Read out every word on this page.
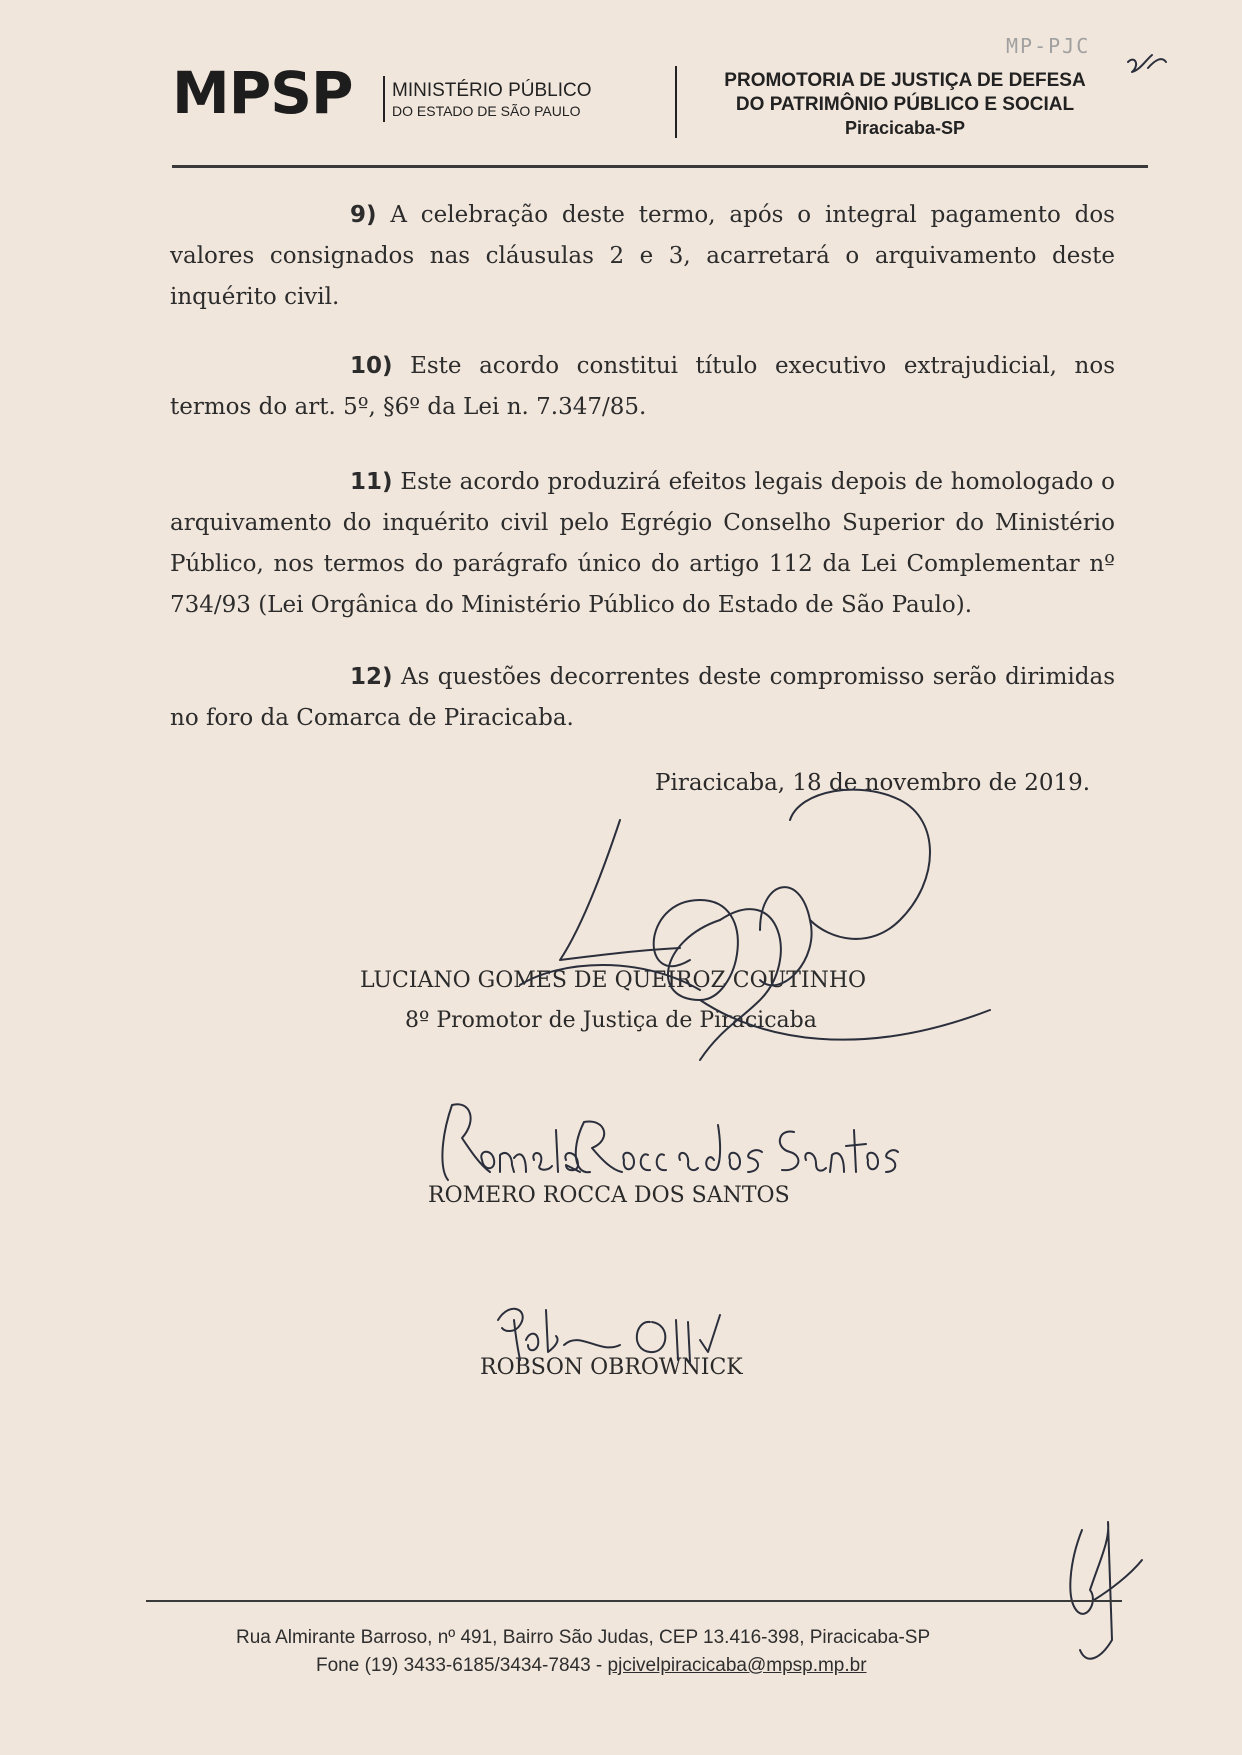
MPSP MINISTÉRIO PÚBLICO
DO ESTADO DE SÃO PAULO
PROMOTORIA DE JUSTIÇA DE DEFESA
DO PATRIMÔNIO PÚBLICO E SOCIAL
Piracicaba-SP
MP-PJC
9) A celebração deste termo, após o integral pagamento dos valores consignados nas cláusulas 2 e 3, acarretará o arquivamento deste inquérito civil.
10) Este acordo constitui título executivo extrajudicial, nos termos do art. 5º, §6º da Lei n. 7.347/85.
11) Este acordo produzirá efeitos legais depois de homologado o arquivamento do inquérito civil pelo Egrégio Conselho Superior do Ministério Público, nos termos do parágrafo único do artigo 112 da Lei Complementar nº 734/93 (Lei Orgânica do Ministério Público do Estado de São Paulo).
12) As questões decorrentes deste compromisso serão dirimidas no foro da Comarca de Piracicaba.
Piracicaba, 18 de novembro de 2019.
LUCIANO GOMES DE QUEIROZ COUTINHO
8º Promotor de Justiça de Piracicaba
ROMERO ROCCA DOS SANTOS
ROBSON OBROWNICK
Rua Almirante Barroso, nº 491, Bairro São Judas, CEP 13.416-398, Piracicaba-SP
Fone (19) 3433-6185/3434-7843 - pjcivelpiracicaba@mpsp.mp.br
